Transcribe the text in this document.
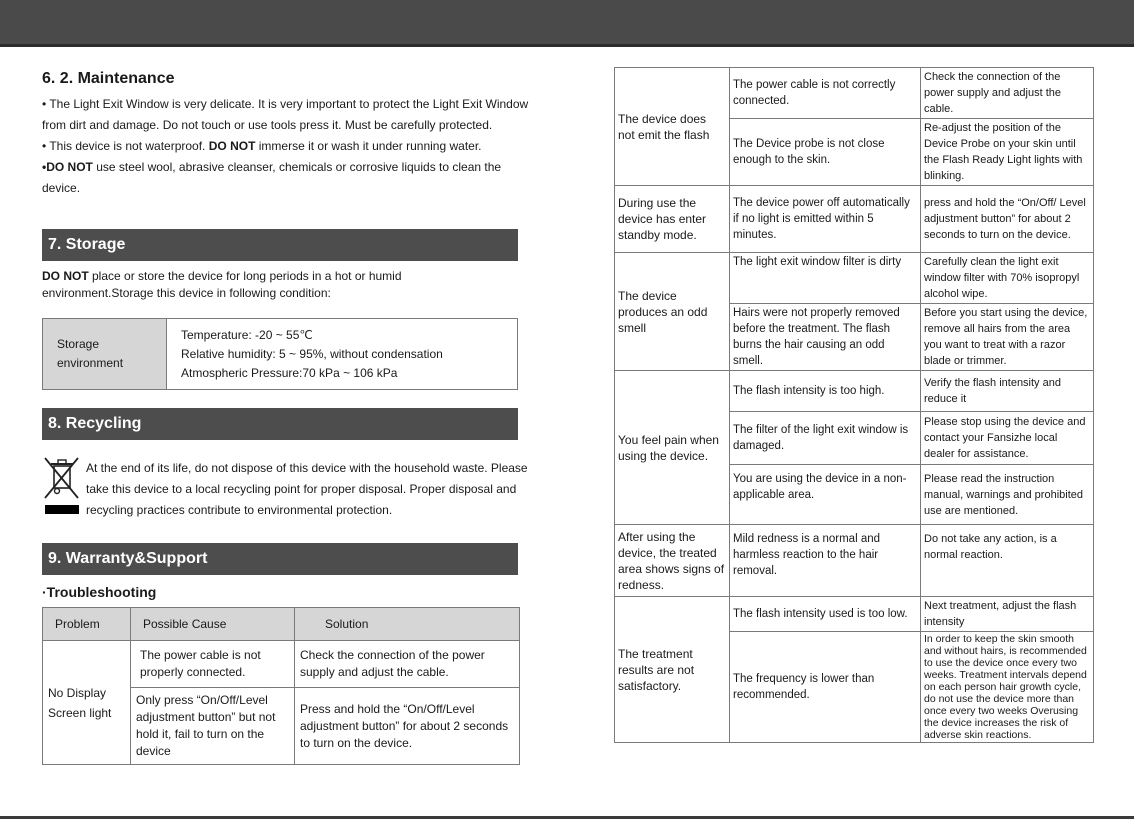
6. 2. Maintenance

• The Light Exit Window is very delicate. It is very important to protect the Light Exit Window from dirt and damage. Do not touch or use tools press it. Must be carefully protected.

• This device is not waterproof. DO NOT immerse it or wash it under running water.

•DO NOT use steel wool, abrasive cleanser, chemicals or corrosive liquids to clean the device.

7. Storage
DO NOT place or store the device for long periods in a hot or humid environment.Storage this device in following condition:
Storage
environment

Temperature: -20 ~ 55℃
Relative humidity: 5 ~ 95%, without condensation
Atmospheric Pressure:70 kPa ~ 106 kPa
8. Recycling
At the end of its life, do not dispose of this device with the household waste. Please take this device to a local recycling point for proper disposal. Proper disposal and recycling practices contribute to environmental protection.
9. Warranty&Support
·Troubleshooting
Problem	Possible Cause	Solution
No Display Screen light	The power cable is not properly connected.	Check the connection of the power supply and adjust the cable.
	Only press “On/Off/Level adjustment button” but not hold it, fail to turn on the device	Press and hold the “On/Off/Level adjustment button” for about 2 seconds to turn on the device.
The device does not emit the flash	The power cable is not correctly connected.	Check the connection of the power supply and adjust the cable.
	The Device probe is not close enough to the skin.	Re-adjust the position of the Device Probe on your skin until the Flash Ready Light lights with blinking.
During use the device has enter standby mode.	The device power off automatically if no light is emitted within 5 minutes.	press and hold the “On/Off/ Level adjustment button” for about 2 seconds to turn on the device.
The device produces an odd smell	The light exit window filter is dirty	Carefully clean the light exit window filter with 70% isopropyl alcohol wipe.
	Hairs were not properly removed before the treatment. The flash burns the hair causing an odd smell.	Before you start using the device, remove all hairs from the area you want to treat with a razor blade or trimmer.
You feel pain when using the device.	The flash intensity is too high.	Verify the flash intensity and reduce it
	The filter of the light exit window is damaged.	Please stop using the device and contact your Fansizhe local dealer for assistance.
	You are using the device in a non-applicable area.	Please read the instruction manual, warnings and prohibited use are mentioned.
After using the device, the treated area shows signs of redness.	Mild redness is a normal and harmless reaction to the hair removal.	Do not take any action, is a normal reaction.
The treatment results are not satisfactory.	The flash intensity used is too low.	Next treatment, adjust the flash intensity
	The frequency is lower than recommended.	In order to keep the skin smooth and without hairs, is recommended to use the device once every two weeks. Treatment intervals depend on each person hair growth cycle, do not use the device more than once every two weeks Overusing the device increases the risk of adverse skin reactions.
